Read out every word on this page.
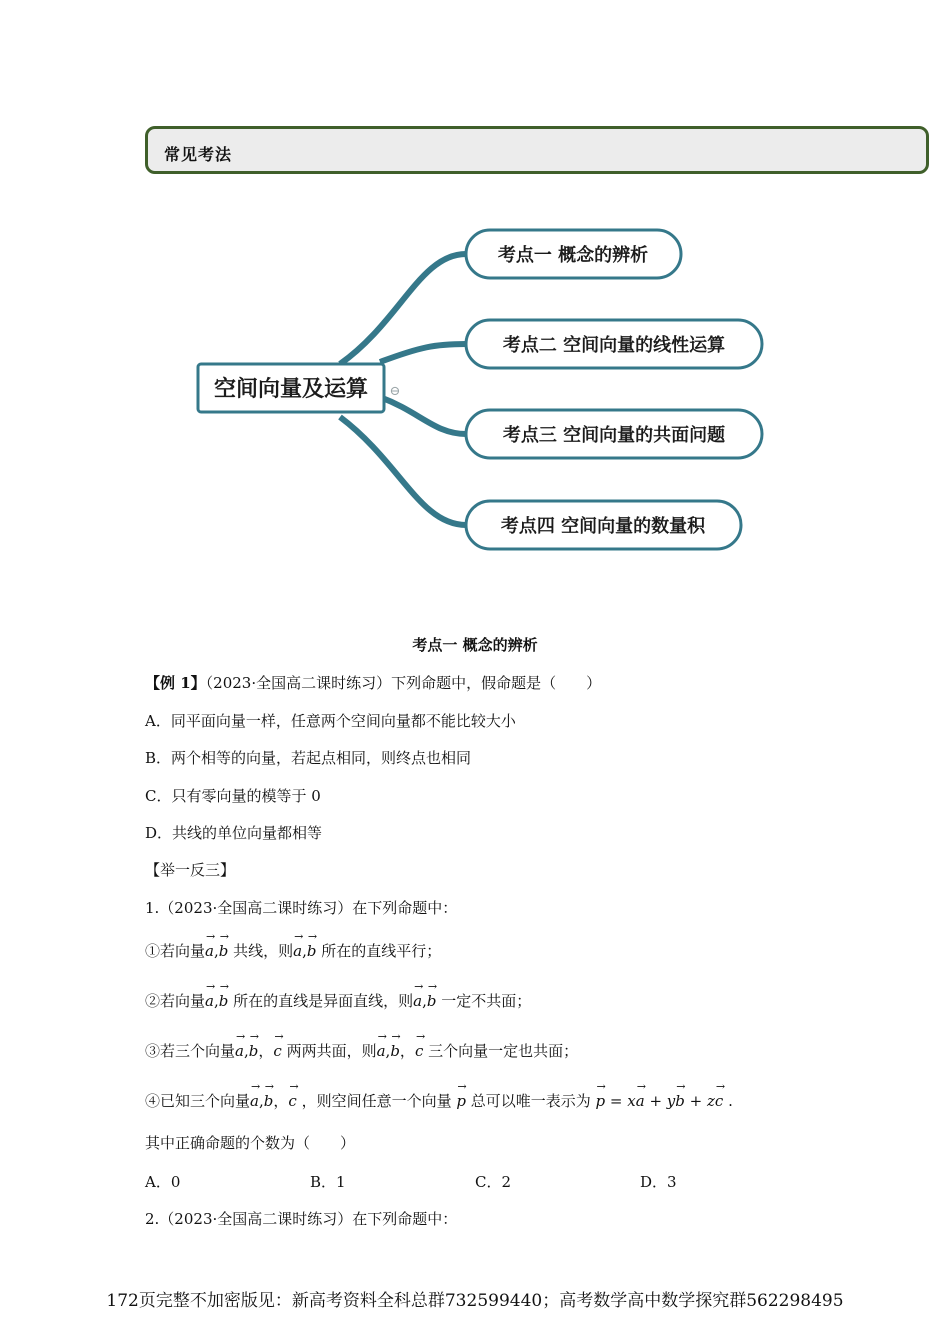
常见考法
空间向量及运算 ⊖
考点一 概念的辨析
考点二 空间向量的线性运算
考点三 空间向量的共面问题
考点四 空间向量的数量积
考点一 概念的辨析
【例 1】（2023·全国高二课时练习）下列命题中，假命题是（　　）
A．同平面向量一样，任意两个空间向量都不能比较大小
B．两个相等的向量，若起点相同，则终点也相同
C．只有零向量的模等于 0
D．共线的单位向量都相等
【举一反三】
1.（2023·全国高二课时练习）在下列命题中：
①若向量→ a,→ b 共线，则→ a,→ b 所在的直线平行；
②若向量→ a,→ b 所在的直线是异面直线，则→ a,→ b 一定不共面；
③若三个向量→ a,→ b，→ c 两两共面，则→ a,→ b，→ c 三个向量一定也共面；
④已知三个向量→ a,→ b，→ c ，则空间任意一个向量 → p 总可以唯一表示为 → p = x→ a + y→ b + z→ c .
其中正确命题的个数为（　　）
A．0	B．1	C．2	D．3
2.（2023·全国高二课时练习）在下列命题中：
172页完整不加密版见：新高考资料全科总群732599440；高考数学高中数学探究群562298495
